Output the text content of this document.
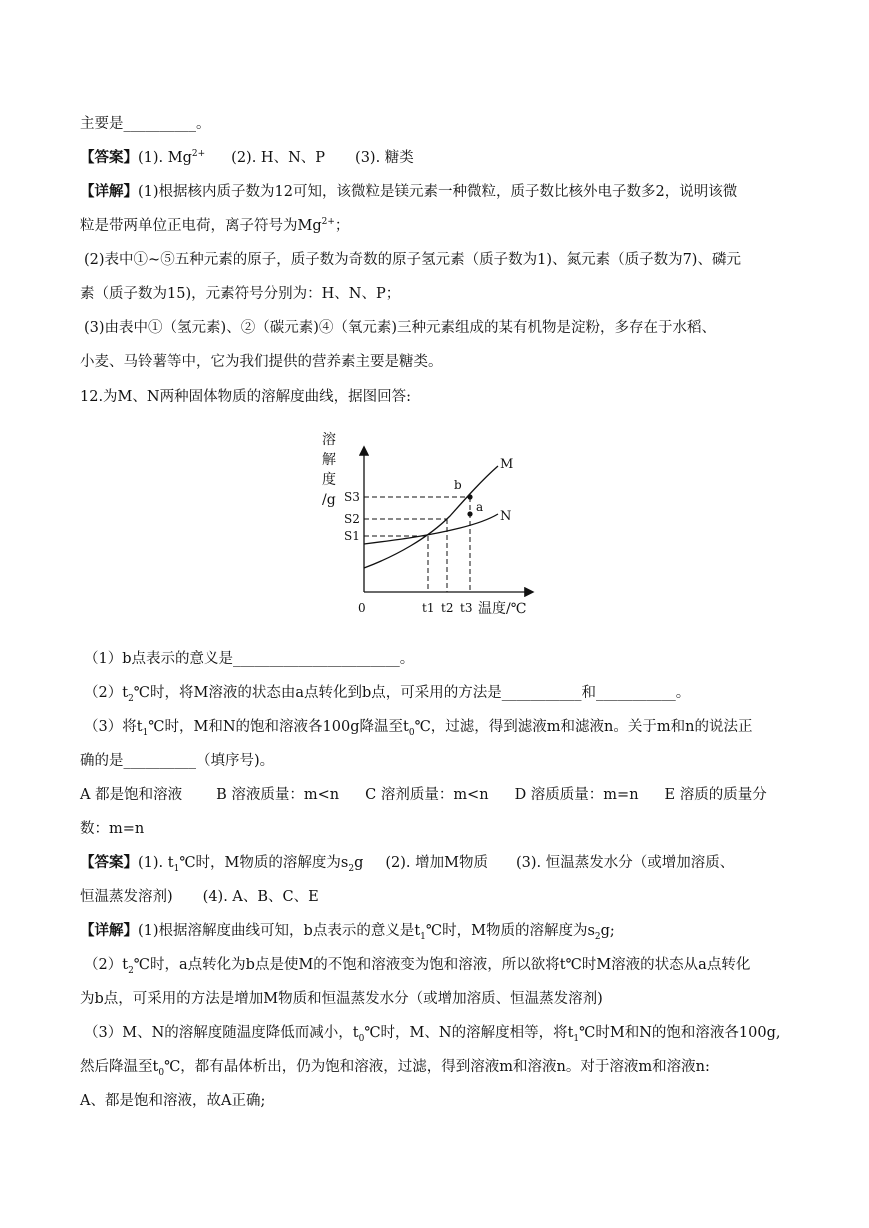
主要是__________。
【答案】(1). $Mg^{2+}$ (2). H、N、P (3). 糖类
【详解】(1)根据核内质子数为12可知，该微粒是镁元素一种微粒，质子数比核外电子数多2，说明该微
粒是带两单位正电荷，离子符号为$Mg^{2+}$；
(2)表中①~⑤五种元素的原子，质子数为奇数的原子氢元素（质子数为1)、氮元素（质子数为7)、磷元
素（质子数为15)，元素符号分别为：H、N、P；
(3)由表中①（氢元素)、②（碳元素)④（氧元素)三种元素组成的某有机物是淀粉，多存在于水稻、
小麦、马铃薯等中，它为我们提供的营养素主要是糖类。
12.为M、N两种固体物质的溶解度曲线，据图回答:
溶
解
度
/g S3
S2
S1
0	t1 t2 t3 温度/℃
M
N
b
a
（1）b点表示的意义是_______________________。
$(2)t_2℃$时，将M溶液的状态由a点转化到b点，可采用的方法是___________和___________。
（3）将$t_1℃$时，M和N的饱和溶液各100g降温至$t_0℃$，过滤，得到滤液m和滤液n。关于m和n的说法正
确的是__________（填序号)。
A 都是饱和溶液 B 溶液质量：m<n C 溶剂质量：m<n D 溶质质量：m=n E 溶质的质量分
数：m=n
【答案】(1). $t_1℃$时，M物质的溶解度为$s_2g$ (2). 增加M物质 (3). 恒温蒸发水分（或增加溶质、
恒温蒸发溶剂) (4). A、B、C、E
【详解】(1)根据溶解度曲线可知，b点表示的意义是$t_1℃$时，M物质的溶解度为$s_2g$;
$(2)t_2℃$时，a点转化为b点是使M的不饱和溶液变为饱和溶液，所以欲将t℃时M溶液的状态从a点转化
为b点，可采用的方法是增加M物质和恒温蒸发水分（或增加溶质、恒温蒸发溶剂)
（3）M、N的溶解度随温度降低而减小，$t_0℃$时，M、N的溶解度相等，将$t_1℃$时M和N的饱和溶液各100g,
然后降温至$t_0℃$，都有晶体析出，仍为饱和溶液，过滤，得到溶液m和溶液n。对于溶液m和溶液n:
A、都是饱和溶液，故A正确;
